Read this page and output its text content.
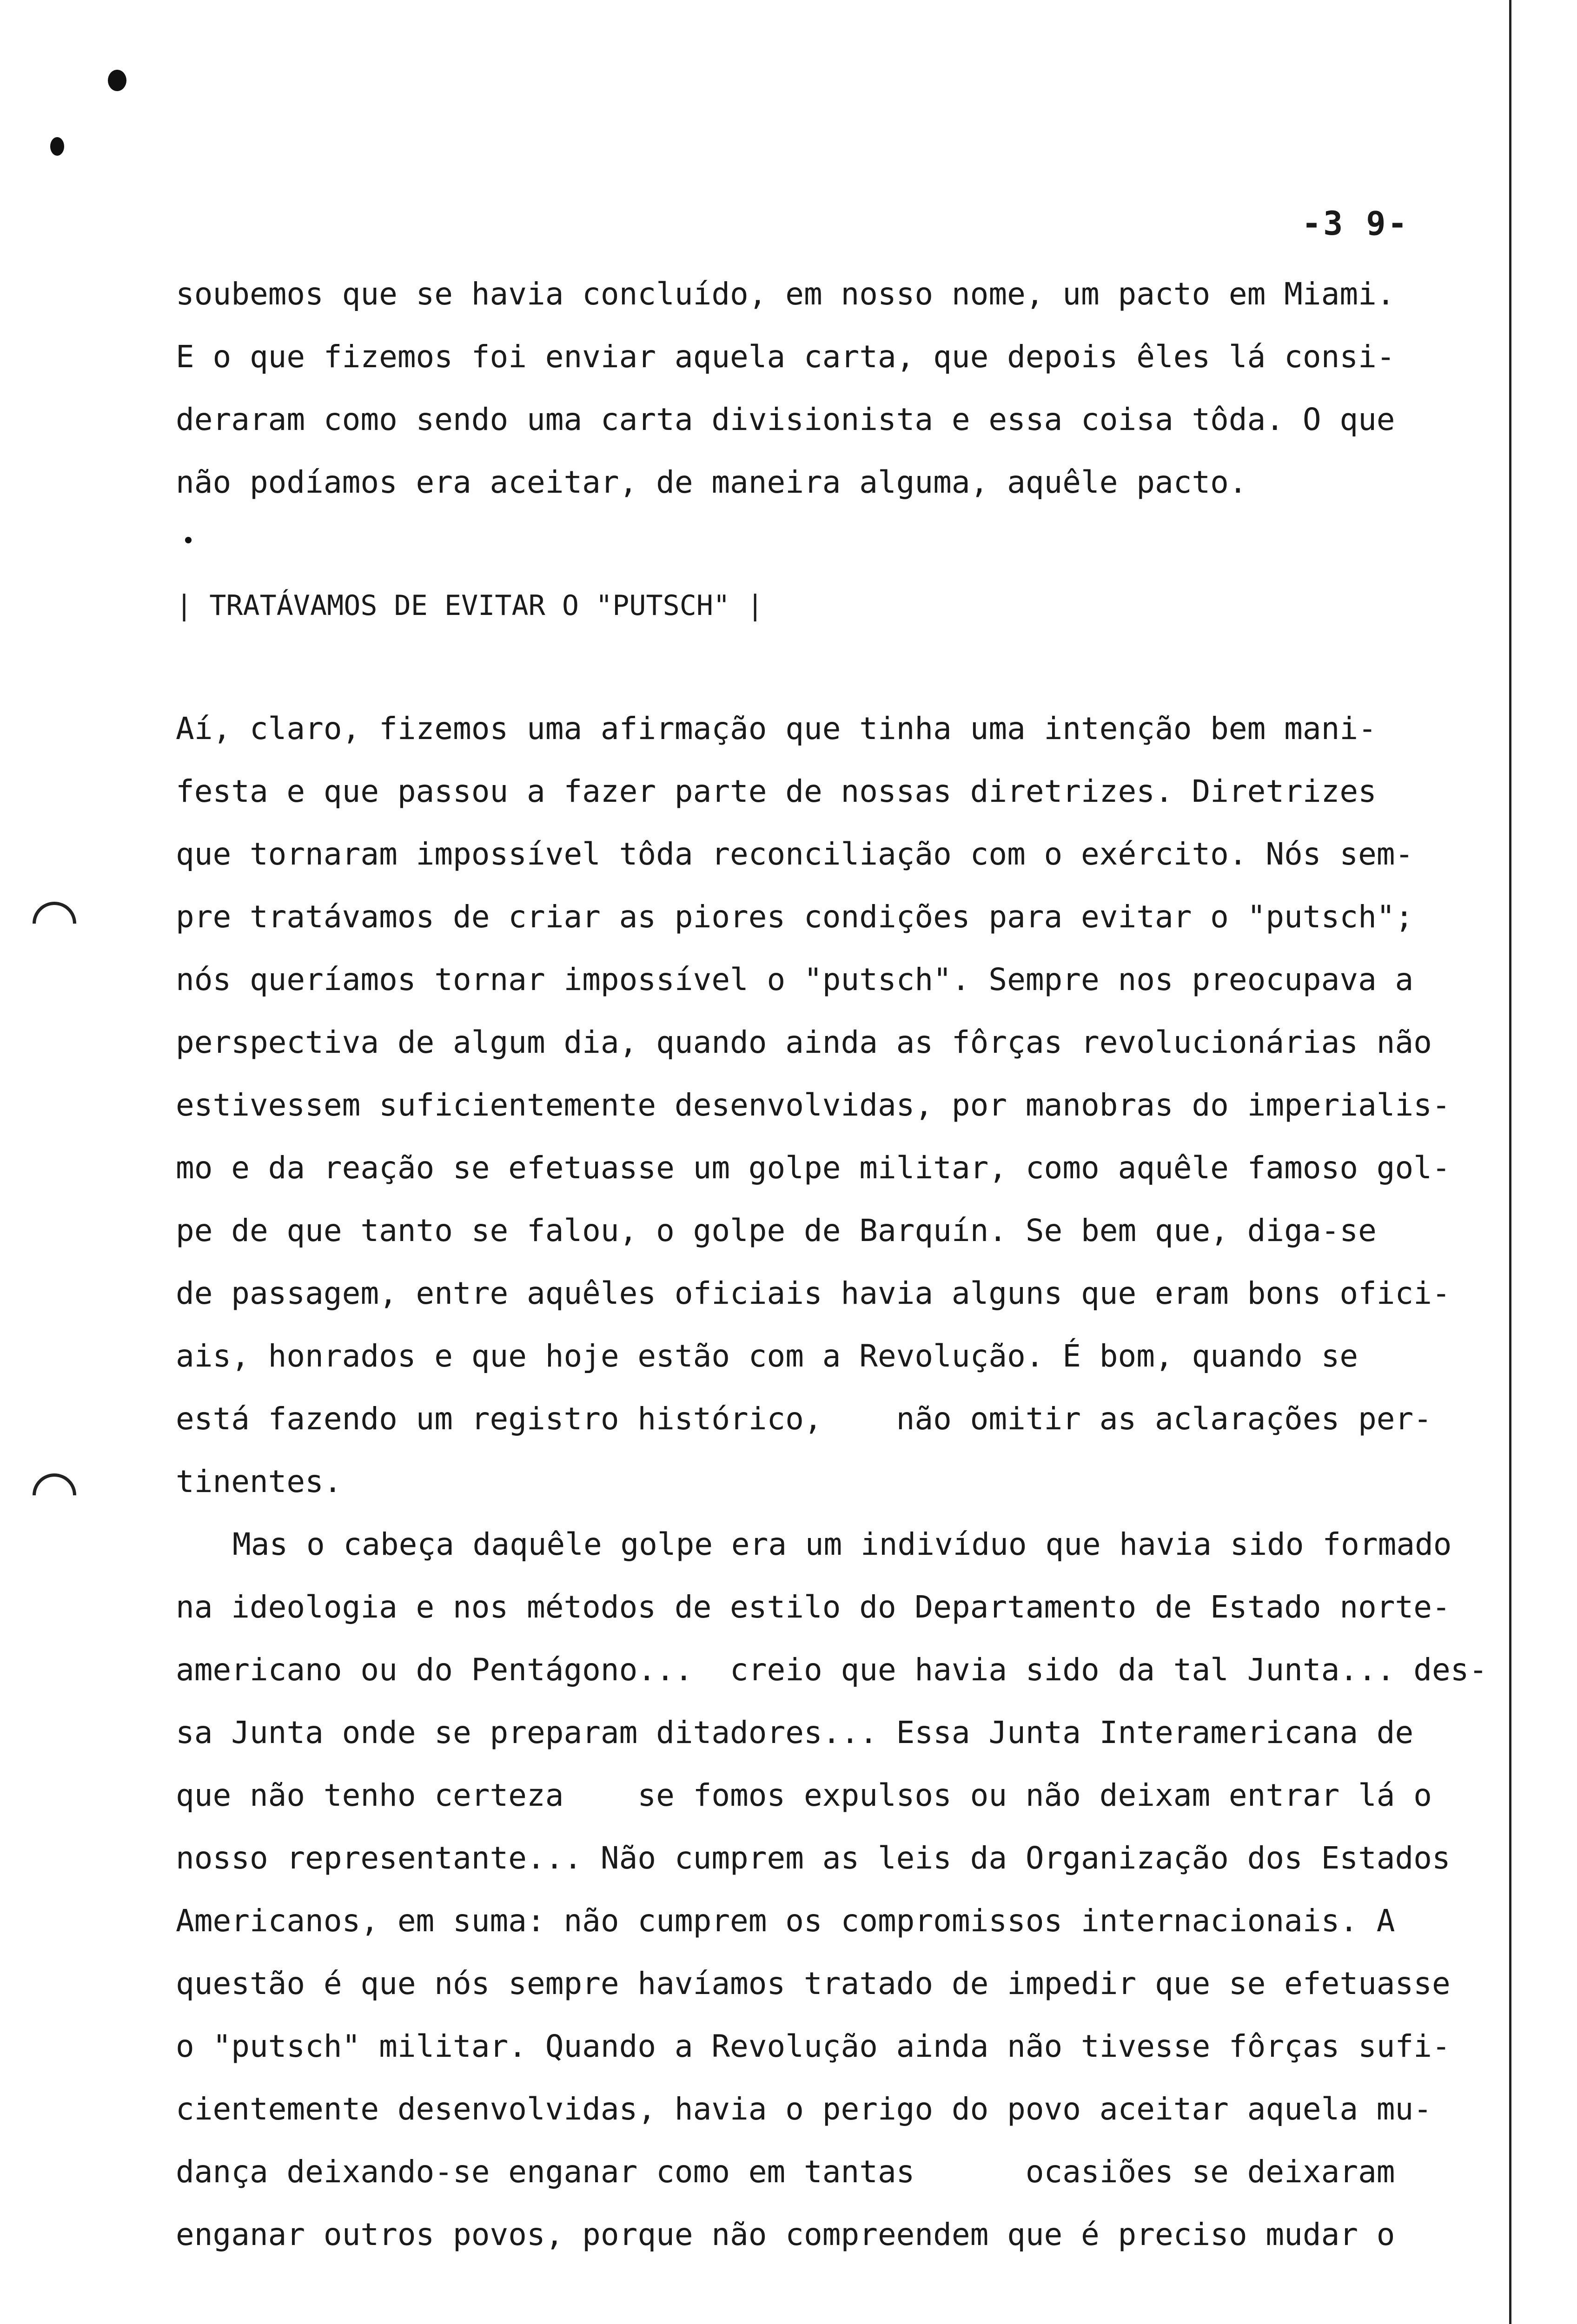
-3 9-
soubemos que se havia concluído, em nosso nome, um pacto em Miami.
E o que fizemos foi enviar aquela carta, que depois êles lá consi-
deraram como sendo uma carta divisionista e essa coisa tôda. O que
não podíamos era aceitar, de maneira alguma, aquêle pacto.
| TRATÁVAMOS DE EVITAR O "PUTSCH" |
Aí, claro, fizemos uma afirmação que tinha uma intenção bem mani-
festa e que passou a fazer parte de nossas diretrizes. Diretrizes
que tornaram impossível tôda reconciliação com o exército. Nós sem-
pre tratávamos de criar as piores condições para evitar o "putsch";
nós queríamos tornar impossível o "putsch". Sempre nos preocupava a
perspectiva de algum dia, quando ainda as fôrças revolucionárias não
estivessem suficientemente desenvolvidas, por manobras do imperialis-
mo e da reação se efetuasse um golpe militar, como aquêle famoso gol-
pe de que tanto se falou, o golpe de Barquín. Se bem que, diga-se
de passagem, entre aquêles oficiais havia alguns que eram bons ofici-
ais, honrados e que hoje estão com a Revolução. É bom, quando se
está fazendo um registro histórico,    não omitir as aclarações per-
tinentes.
Mas o cabeça daquêle golpe era um indivíduo que havia sido formado
na ideologia e nos métodos de estilo do Departamento de Estado norte-
americano ou do Pentágono...  creio que havia sido da tal Junta... des-
sa Junta onde se preparam ditadores... Essa Junta Interamericana de
que não tenho certeza    se fomos expulsos ou não deixam entrar lá o
nosso representante... Não cumprem as leis da Organização dos Estados
Americanos, em suma: não cumprem os compromissos internacionais. A
questão é que nós sempre havíamos tratado de impedir que se efetuasse
o "putsch" militar. Quando a Revolução ainda não tivesse fôrças sufi-
cientemente desenvolvidas, havia o perigo do povo aceitar aquela mu-
dança deixando-se enganar como em tantas      ocasiões se deixaram
enganar outros povos, porque não compreendem que é preciso mudar o
